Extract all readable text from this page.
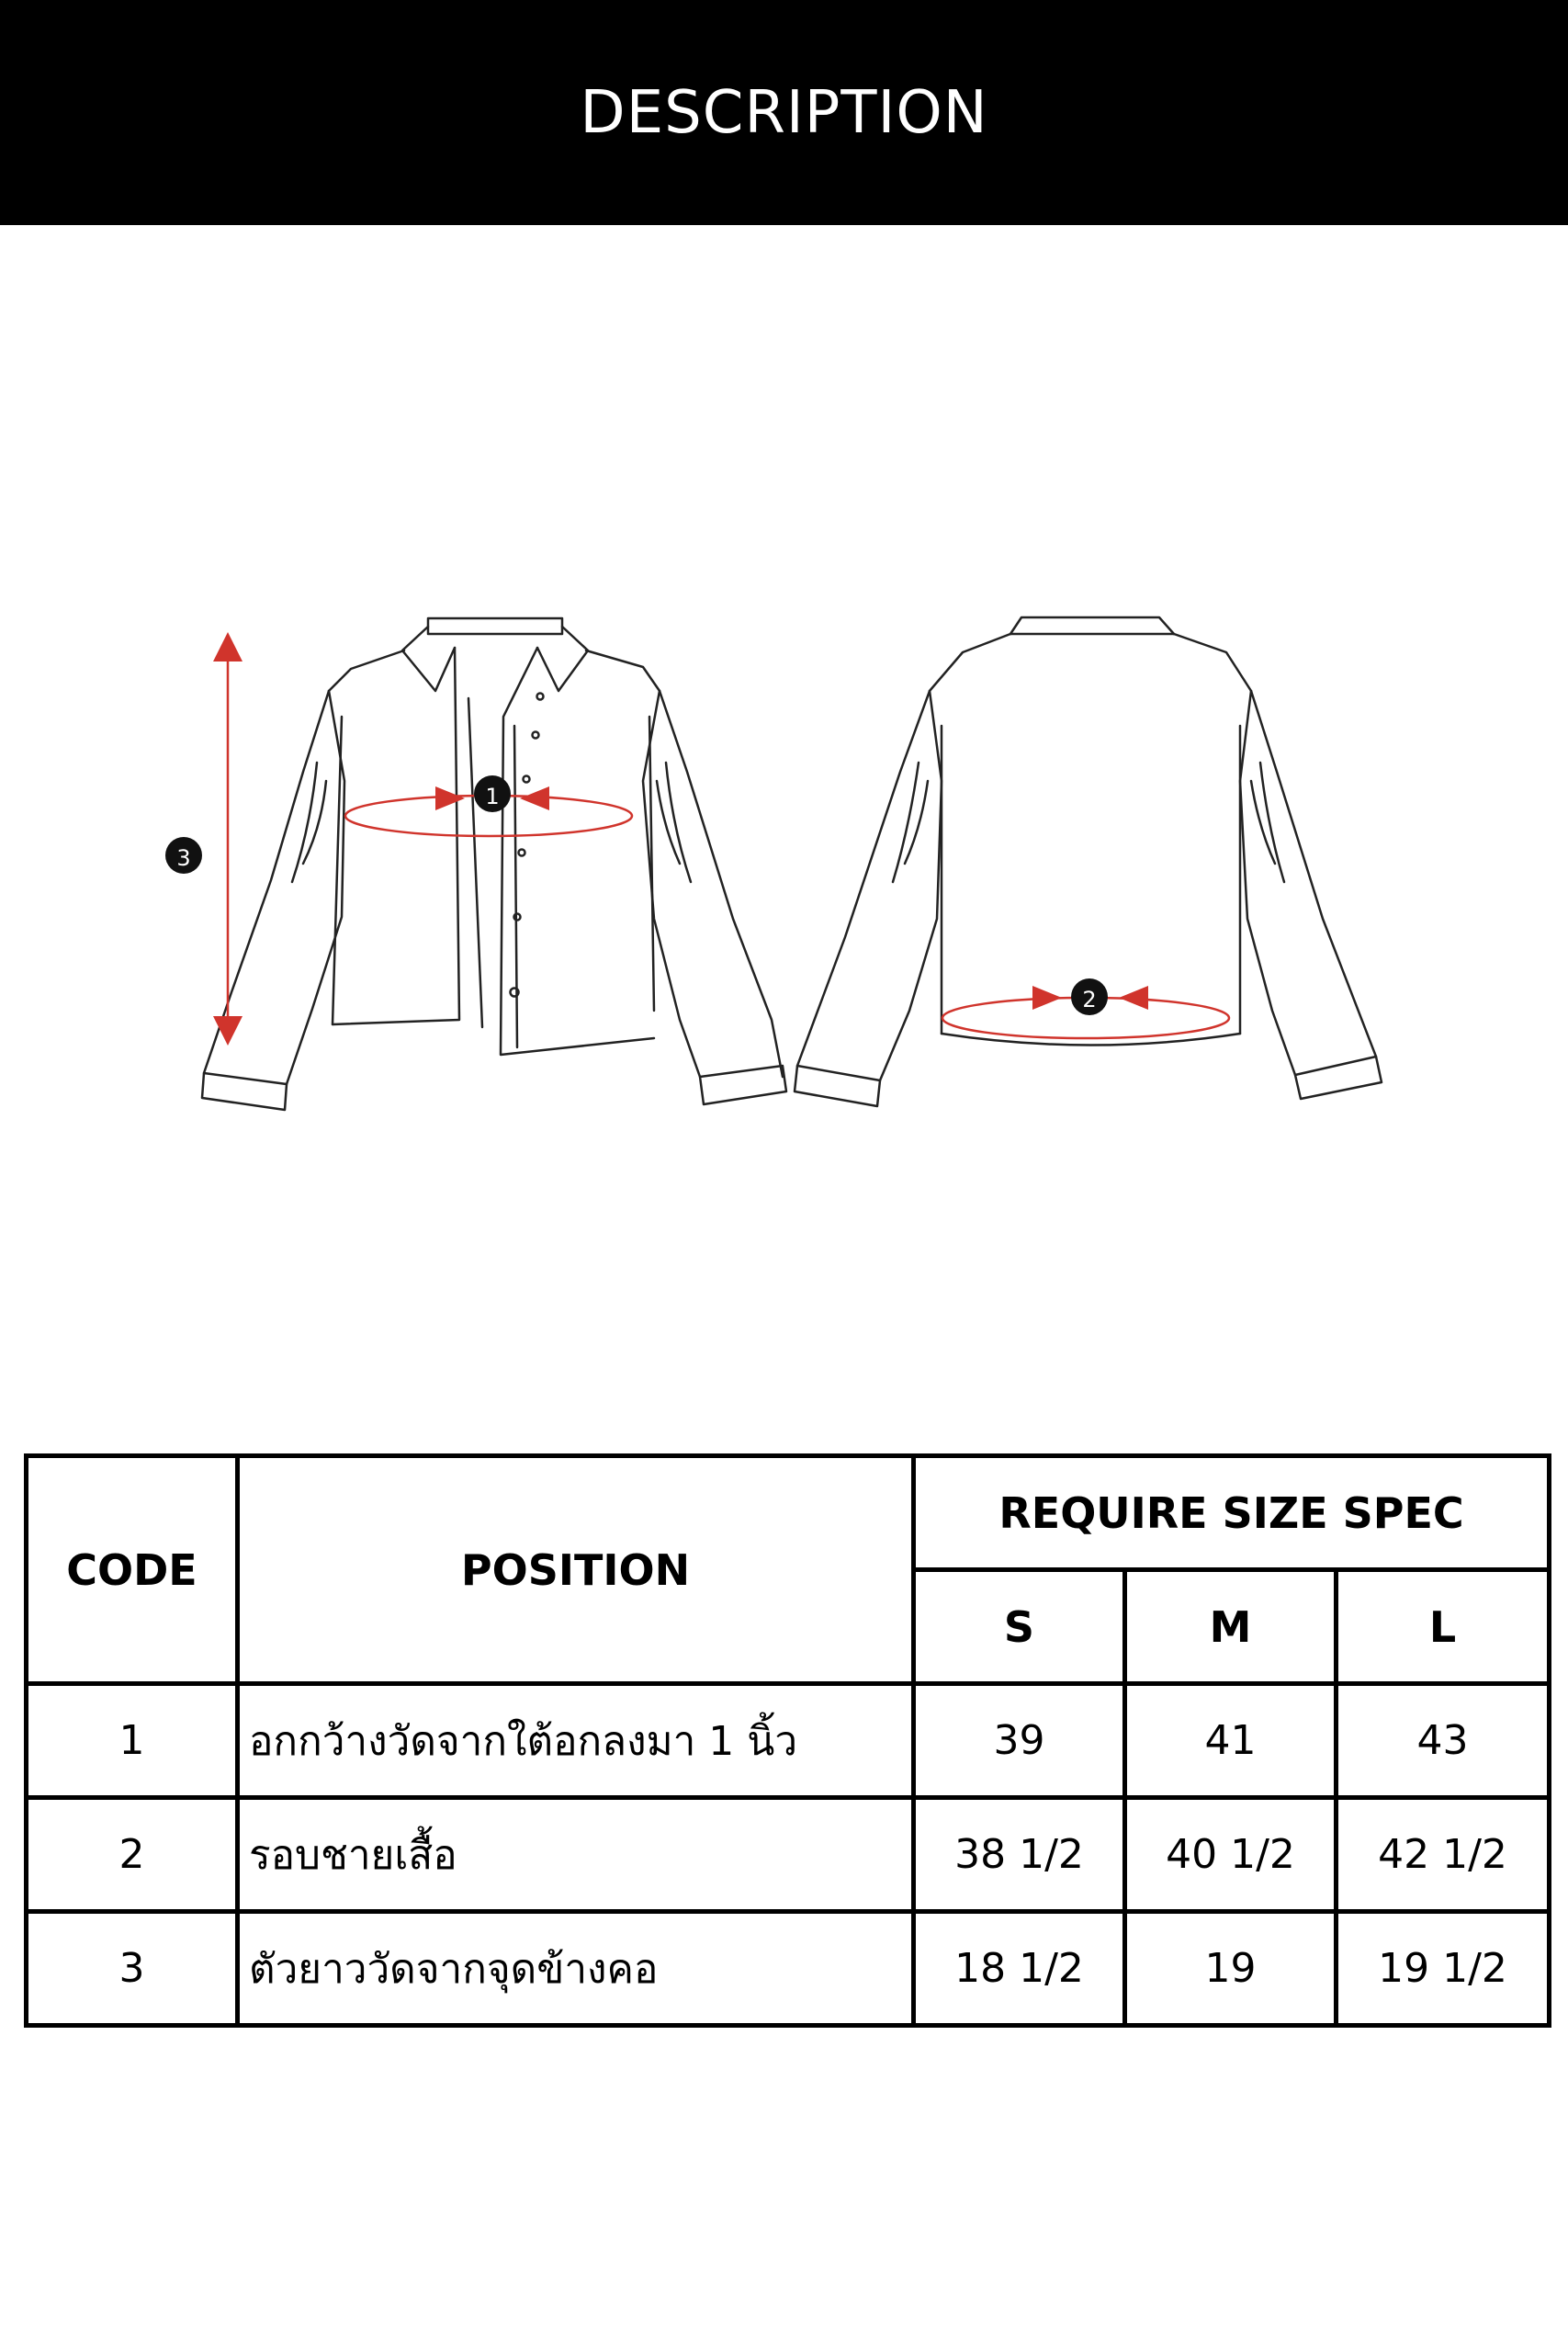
DESCRIPTION
1
2
3
CODE	POSITION	REQUIRE SIZE SPEC		
		S	M	L
1	อกกว้างวัดจากใต้อกลงมา 1 นิ้ว	39	41	43
2	รอบชายเสื้อ	38 1/2	40 1/2	42 1/2
3	ตัวยาววัดจากจุดข้างคอ	18 1/2	19	19 1/2
